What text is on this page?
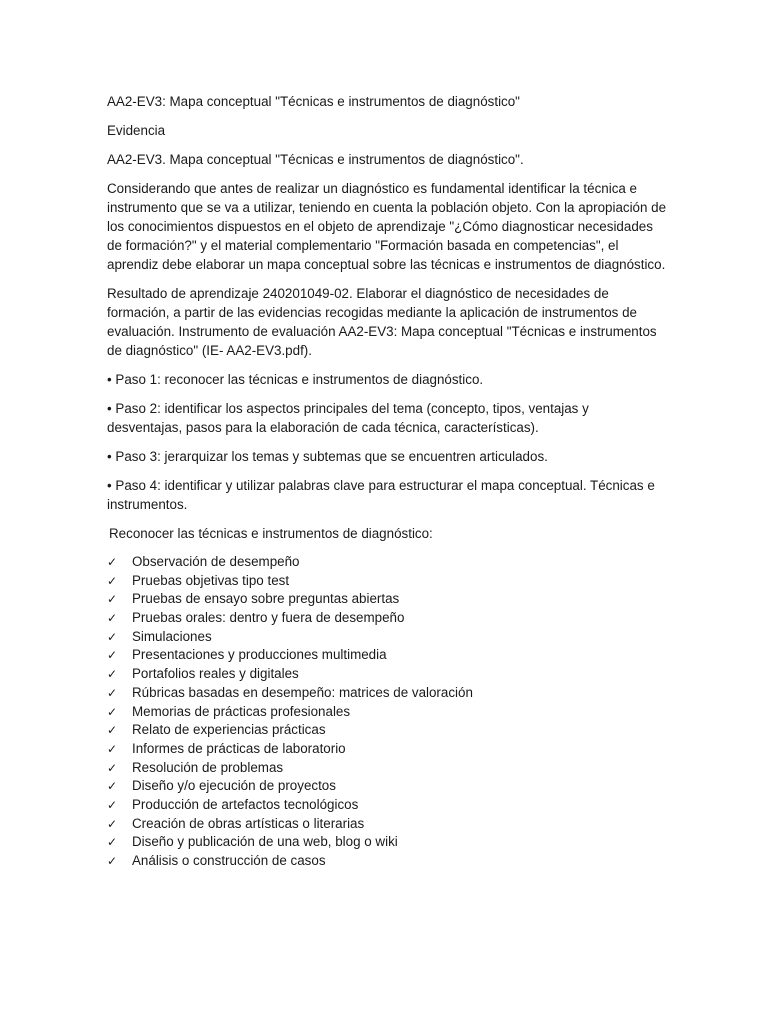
AA2-EV3: Mapa conceptual "Técnicas e instrumentos de diagnóstico"

Evidencia

AA2-EV3. Mapa conceptual "Técnicas e instrumentos de diagnóstico".

Considerando que antes de realizar un diagnóstico es fundamental identificar la técnica e instrumento que se va a utilizar, teniendo en cuenta la población objeto. Con la apropiación de los conocimientos dispuestos en el objeto de aprendizaje "¿Cómo diagnosticar necesidades de formación?" y el material complementario "Formación basada en competencias", el aprendiz debe elaborar un mapa conceptual sobre las técnicas e instrumentos de diagnóstico.

Resultado de aprendizaje 240201049-02. Elaborar el diagnóstico de necesidades de formación, a partir de las evidencias recogidas mediante la aplicación de instrumentos de evaluación. Instrumento de evaluación AA2-EV3: Mapa conceptual "Técnicas e instrumentos de diagnóstico" (IE- AA2-EV3.pdf).

• Paso 1: reconocer las técnicas e instrumentos de diagnóstico.

• Paso 2: identificar los aspectos principales del tema (concepto, tipos, ventajas y desventajas, pasos para la elaboración de cada técnica, características).

• Paso 3: jerarquizar los temas y subtemas que se encuentren articulados.

• Paso 4: identificar y utilizar palabras clave para estructurar el mapa conceptual. Técnicas e instrumentos.

Reconocer las técnicas e instrumentos de diagnóstico:

✓	Observación de desempeño
✓	Pruebas objetivas tipo test
✓	Pruebas de ensayo sobre preguntas abiertas
✓	Pruebas orales: dentro y fuera de desempeño
✓	Simulaciones
✓	Presentaciones y producciones multimedia
✓	Portafolios reales y digitales
✓	Rúbricas basadas en desempeño: matrices de valoración
✓	Memorias de prácticas profesionales
✓	Relato de experiencias prácticas
✓	Informes de prácticas de laboratorio
✓	Resolución de problemas
✓	Diseño y/o ejecución de proyectos
✓	Producción de artefactos tecnológicos
✓	Creación de obras artísticas o literarias
✓	Diseño y publicación de una web, blog o wiki
✓	Análisis o construcción de casos
